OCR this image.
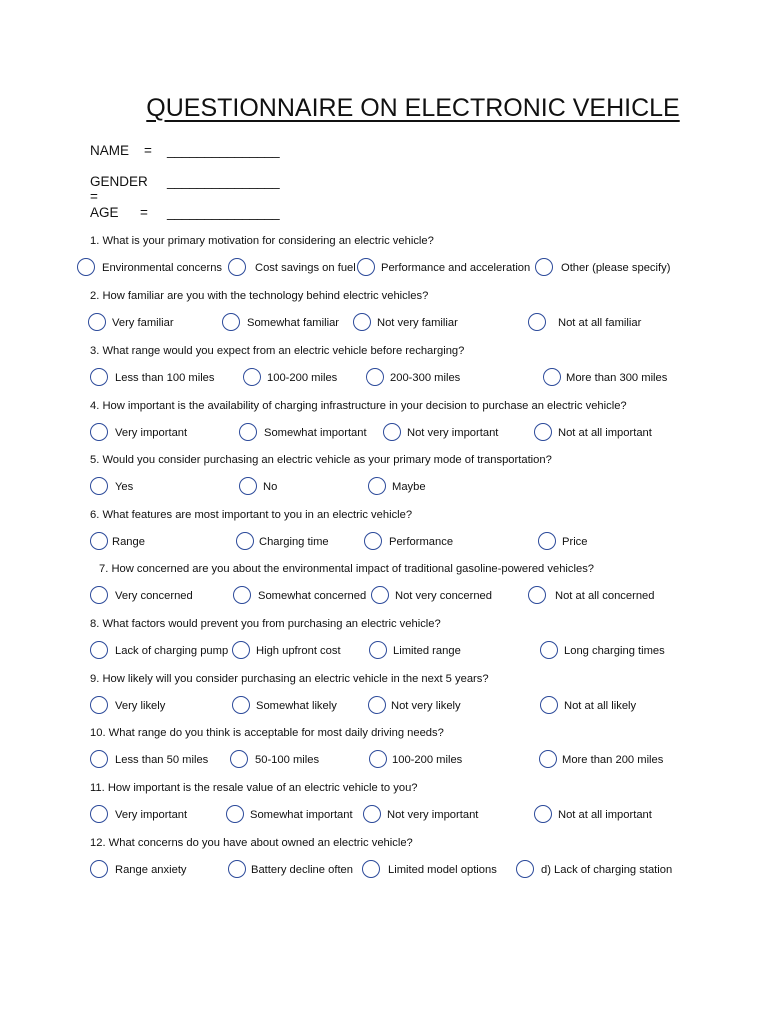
QUESTIONNAIRE ON ELECTRONIC VEHICLE
NAME = _______________
GENDER =
_______________
AGE = _______________
1. What is your primary motivation for considering an electric vehicle?
Environmental concerns	Cost savings on fuel Performance and acceleration	Other (please specify)
2. How familiar are you with the technology behind electric vehicles?
Very familiar	Somewhat familiar	Not very familiar	Not at all familiar
3. What range would you expect from an electric vehicle before recharging?
Less than 100 miles	100-200 miles	200-300 miles	More than 300 miles
4. How important is the availability of charging infrastructure in your decision to purchase an electric vehicle?
Very important	Somewhat important	Not very important	Not at all important
5. Would you consider purchasing an electric vehicle as your primary mode of transportation?
Yes	No	Maybe
6. What features are most important to you in an electric vehicle?
Range	Charging time	Performance	Price
7. How concerned are you about the environmental impact of traditional gasoline-powered vehicles?
Very concerned	Somewhat concerned	Not very concerned	Not at all concerned
8. What factors would prevent you from purchasing an electric vehicle?
Lack of charging pump High upfront cost	Limited range	Long charging times
9. How likely will you consider purchasing an electric vehicle in the next 5 years?
Very likely	Somewhat likely	Not very likely	Not at all likely
10. What range do you think is acceptable for most daily driving needs?
Less than 50 miles	50-100 miles	100-200 miles	More than 200 miles
11. How important is the resale value of an electric vehicle to you?
Very important	Somewhat important	Not very important	Not at all important
12. What concerns do you have about owned an electric vehicle?
Range anxiety	Battery decline often	Limited model options	d) Lack of charging station
